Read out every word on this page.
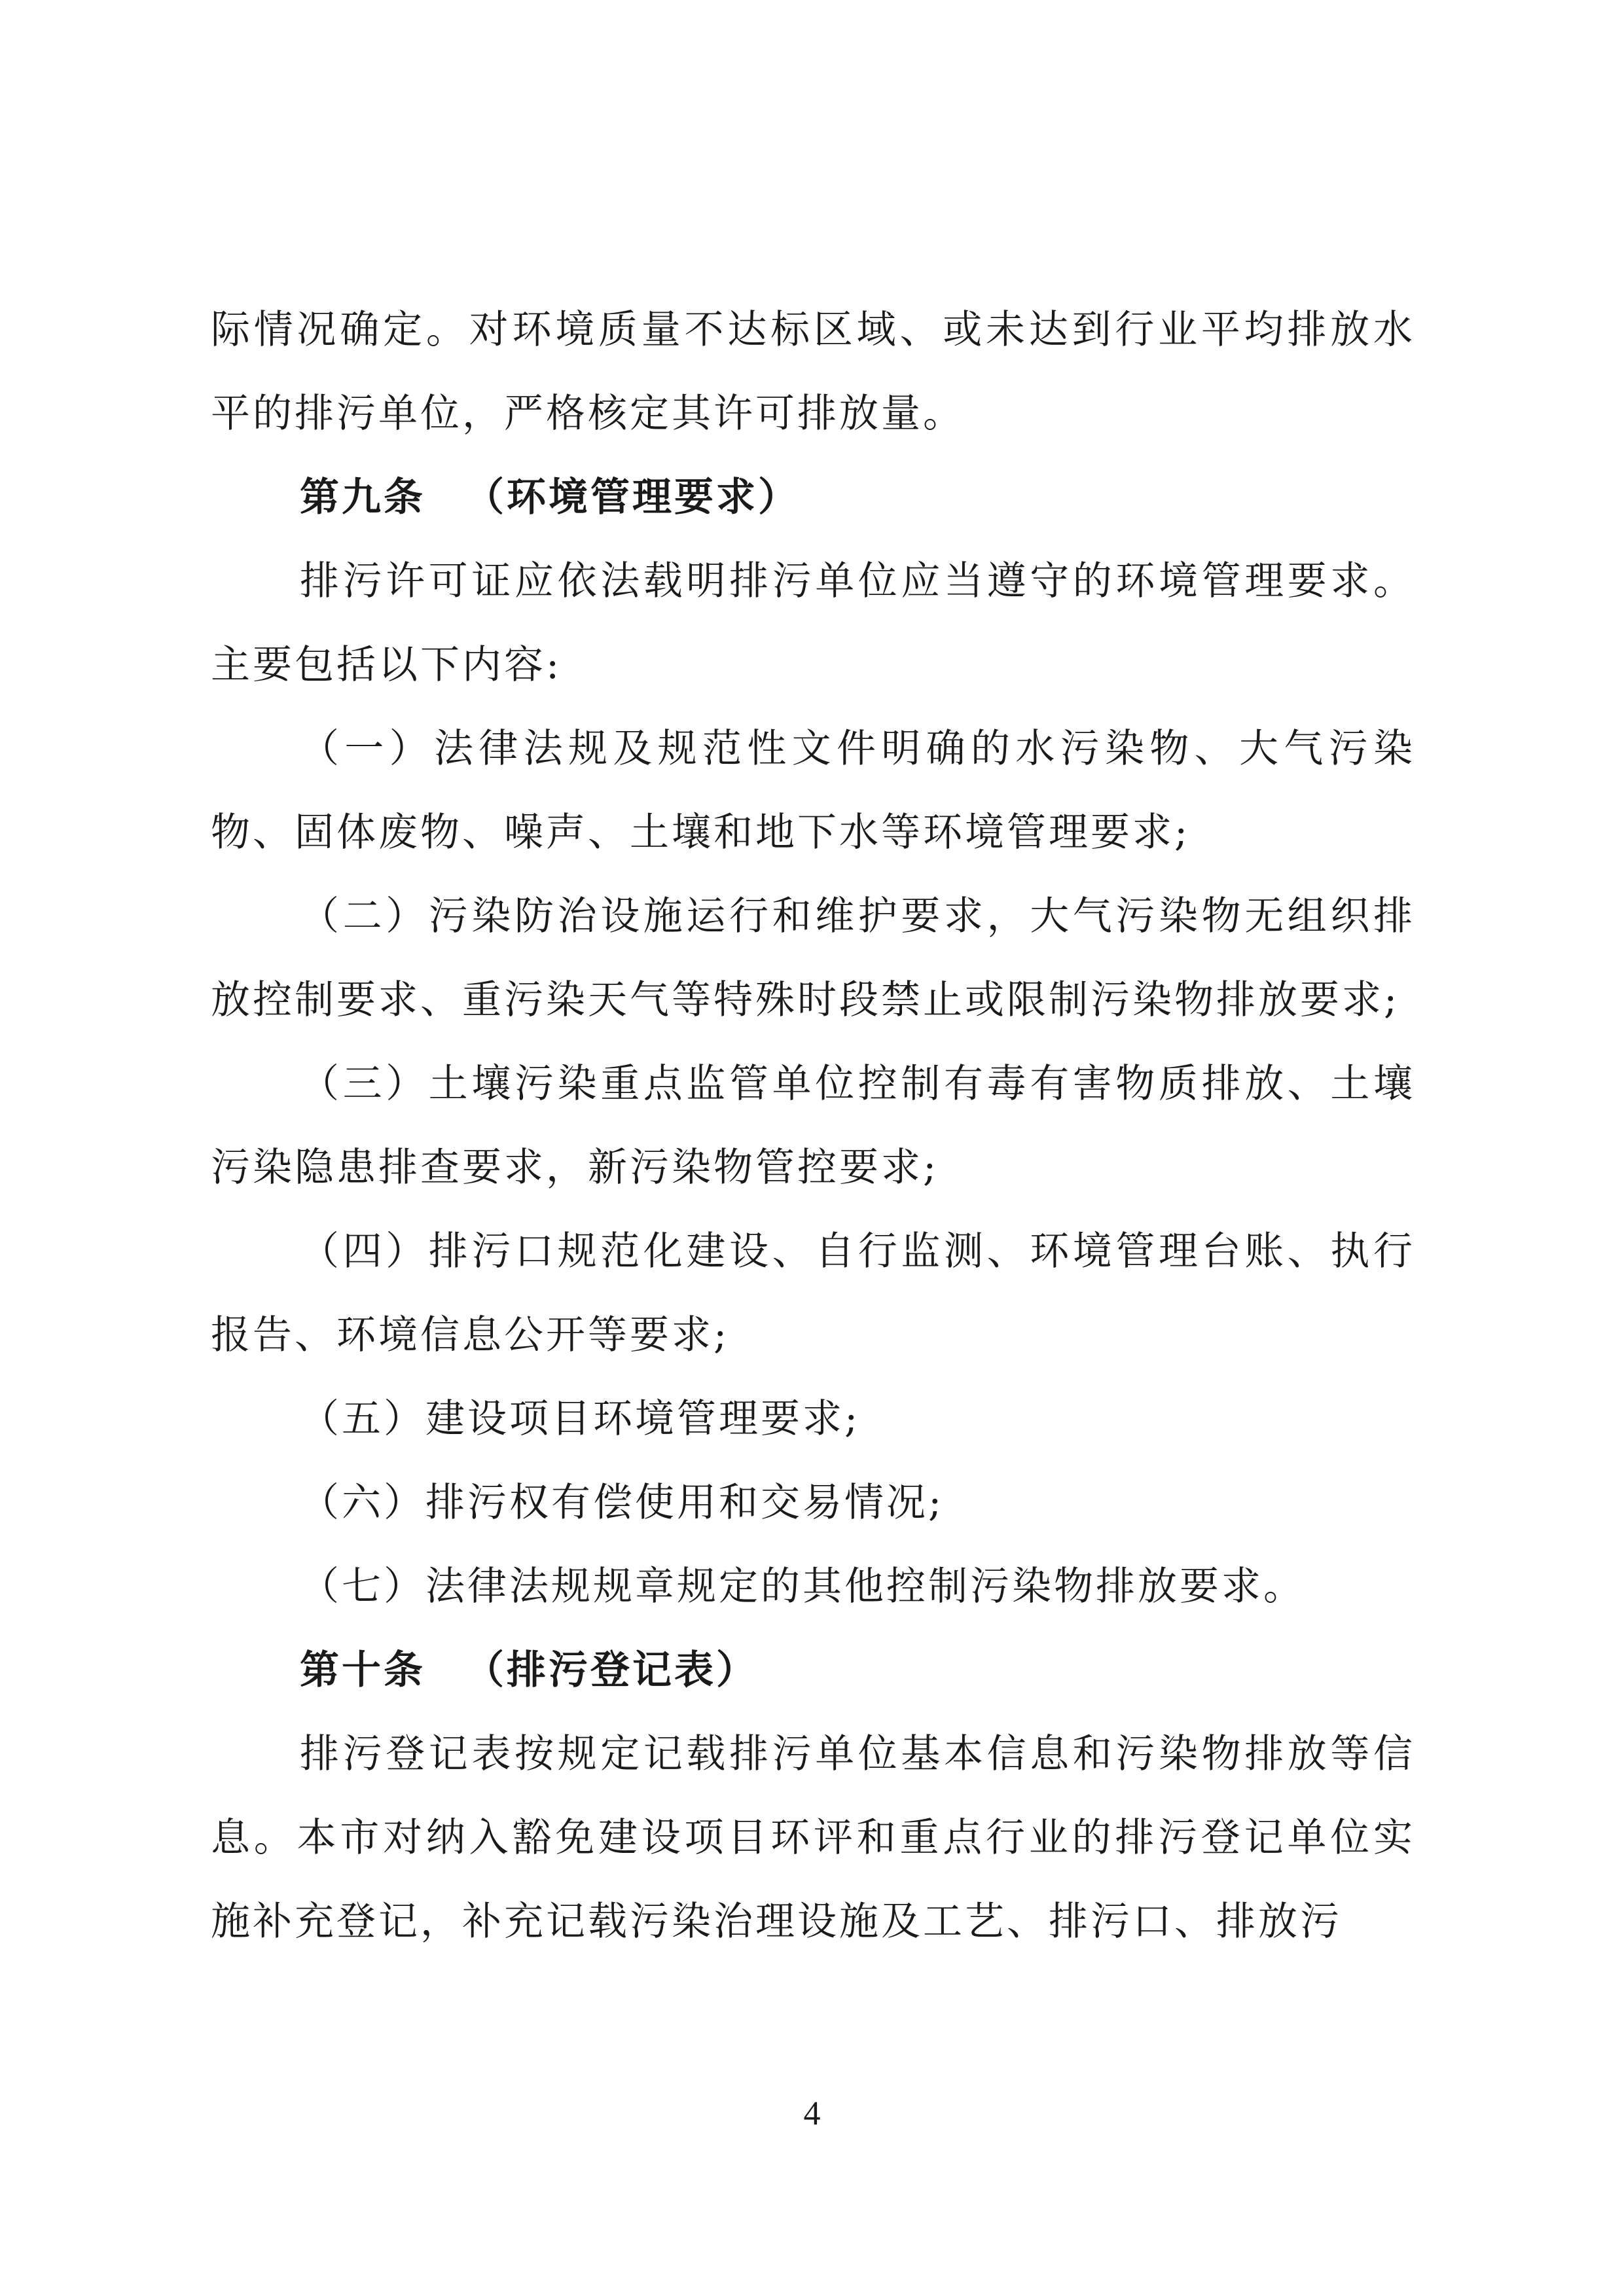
际情况确定。对环境质量不达标区域、或未达到行业平均排放水平的排污单位，严格核定其许可排放量。

第九条 （环境管理要求）

排污许可证应依法载明排污单位应当遵守的环境管理要求。主要包括以下内容:

（一）法律法规及规范性文件明确的水污染物、大气污染物、固体废物、噪声、土壤和地下水等环境管理要求;

（二）污染防治设施运行和维护要求，大气污染物无组织排放控制要求、重污染天气等特殊时段禁止或限制污染物排放要求;

（三）土壤污染重点监管单位控制有毒有害物质排放、土壤污染隐患排查要求，新污染物管控要求;

（四）排污口规范化建设、自行监测、环境管理台账、执行报告、环境信息公开等要求;

（五）建设项目环境管理要求;

（六）排污权有偿使用和交易情况;

（七）法律法规规章规定的其他控制污染物排放要求。

第十条 （排污登记表）

排污登记表按规定记载排污单位基本信息和污染物排放等信息。本市对纳入豁免建设项目环评和重点行业的排污登记单位实施补充登记，补充记载污染治理设施及工艺、排污口、排放污

4
